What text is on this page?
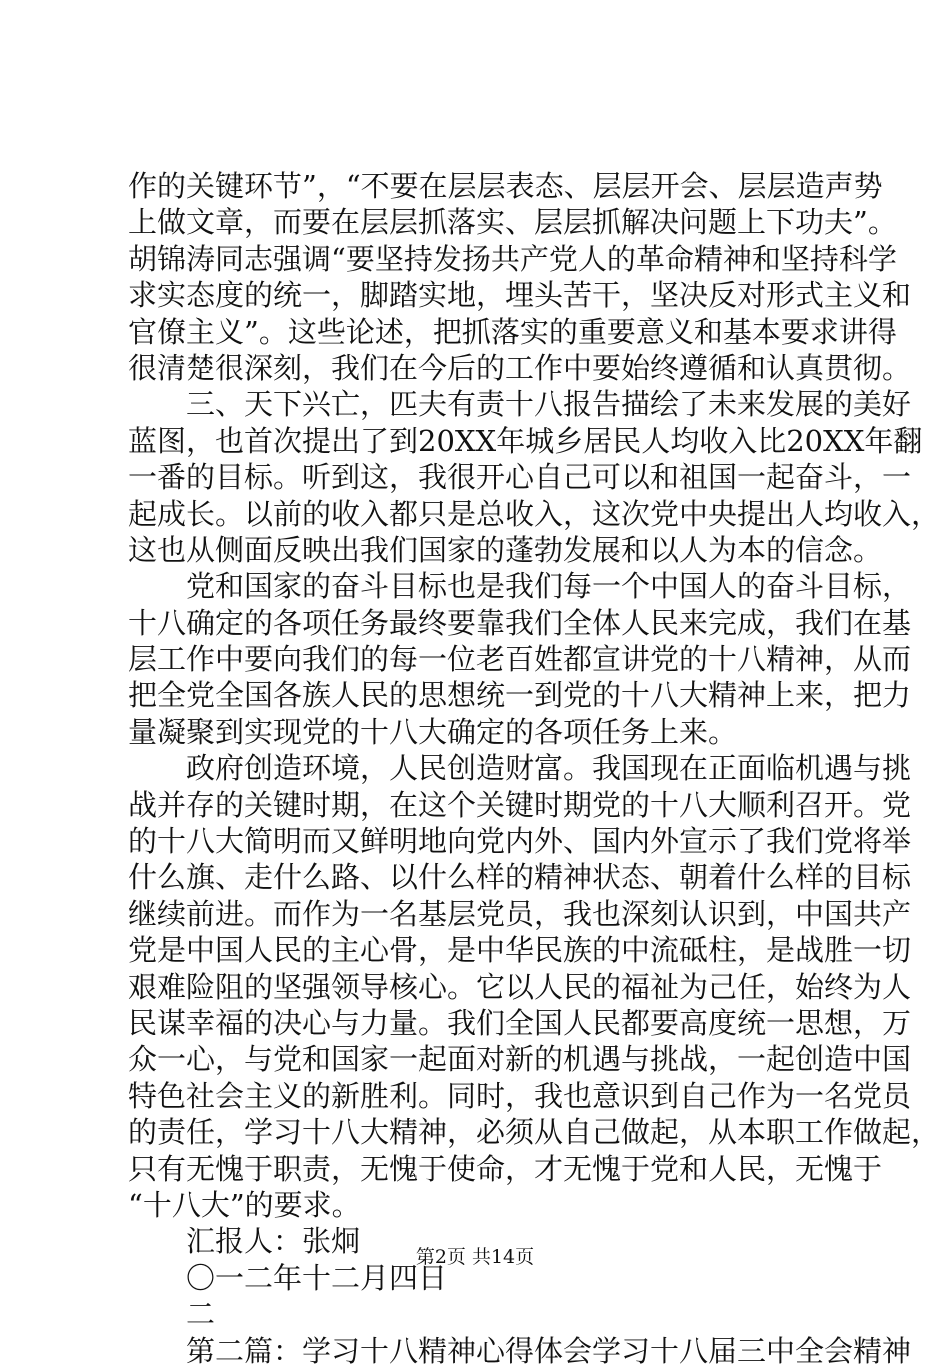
作的关键环节”，“不要在层层表态、层层开会、层层造声势
上做文章，而要在层层抓落实、层层抓解决问题上下功夫”。
胡锦涛同志强调“要坚持发扬共产党人的革命精神和坚持科学
求实态度的统一，脚踏实地，埋头苦干，坚决反对形式主义和
官僚主义”。这些论述，把抓落实的重要意义和基本要求讲得
很清楚很深刻，我们在今后的工作中要始终遵循和认真贯彻。
三、天下兴亡，匹夫有责十八报告描绘了未来发展的美好
蓝图，也首次提出了到20XX年城乡居民人均收入比20XX年翻
一番的目标。听到这，我很开心自己可以和祖国一起奋斗，一
起成长。以前的收入都只是总收入，这次党中央提出人均收入，
这也从侧面反映出我们国家的蓬勃发展和以人为本的信念。
党和国家的奋斗目标也是我们每一个中国人的奋斗目标，
十八确定的各项任务最终要靠我们全体人民来完成，我们在基
层工作中要向我们的每一位老百姓都宣讲党的十八精神，从而
把全党全国各族人民的思想统一到党的十八大精神上来，把力
量凝聚到实现党的十八大确定的各项任务上来。
政府创造环境，人民创造财富。我国现在正面临机遇与挑
战并存的关键时期，在这个关键时期党的十八大顺利召开。党
的十八大简明而又鲜明地向党内外、国内外宣示了我们党将举
什么旗、走什么路、以什么样的精神状态、朝着什么样的目标
继续前进。而作为一名基层党员，我也深刻认识到，中国共产
党是中国人民的主心骨，是中华民族的中流砥柱，是战胜一切
艰难险阻的坚强领导核心。它以人民的福祉为己任，始终为人
民谋幸福的决心与力量。我们全国人民都要高度统一思想，万
众一心，与党和国家一起面对新的机遇与挑战，一起创造中国
特色社会主义的新胜利。同时，我也意识到自己作为一名党员
的责任，学习十八大精神，必须从自己做起，从本职工作做起，
只有无愧于职责，无愧于使命，才无愧于党和人民，无愧于
“十八大”的要求。
汇报人：张炯
〇一二年十二月四日
二
第二篇：学习十八精神心得体会学习十八届三中全会精神
第2页 共14页
